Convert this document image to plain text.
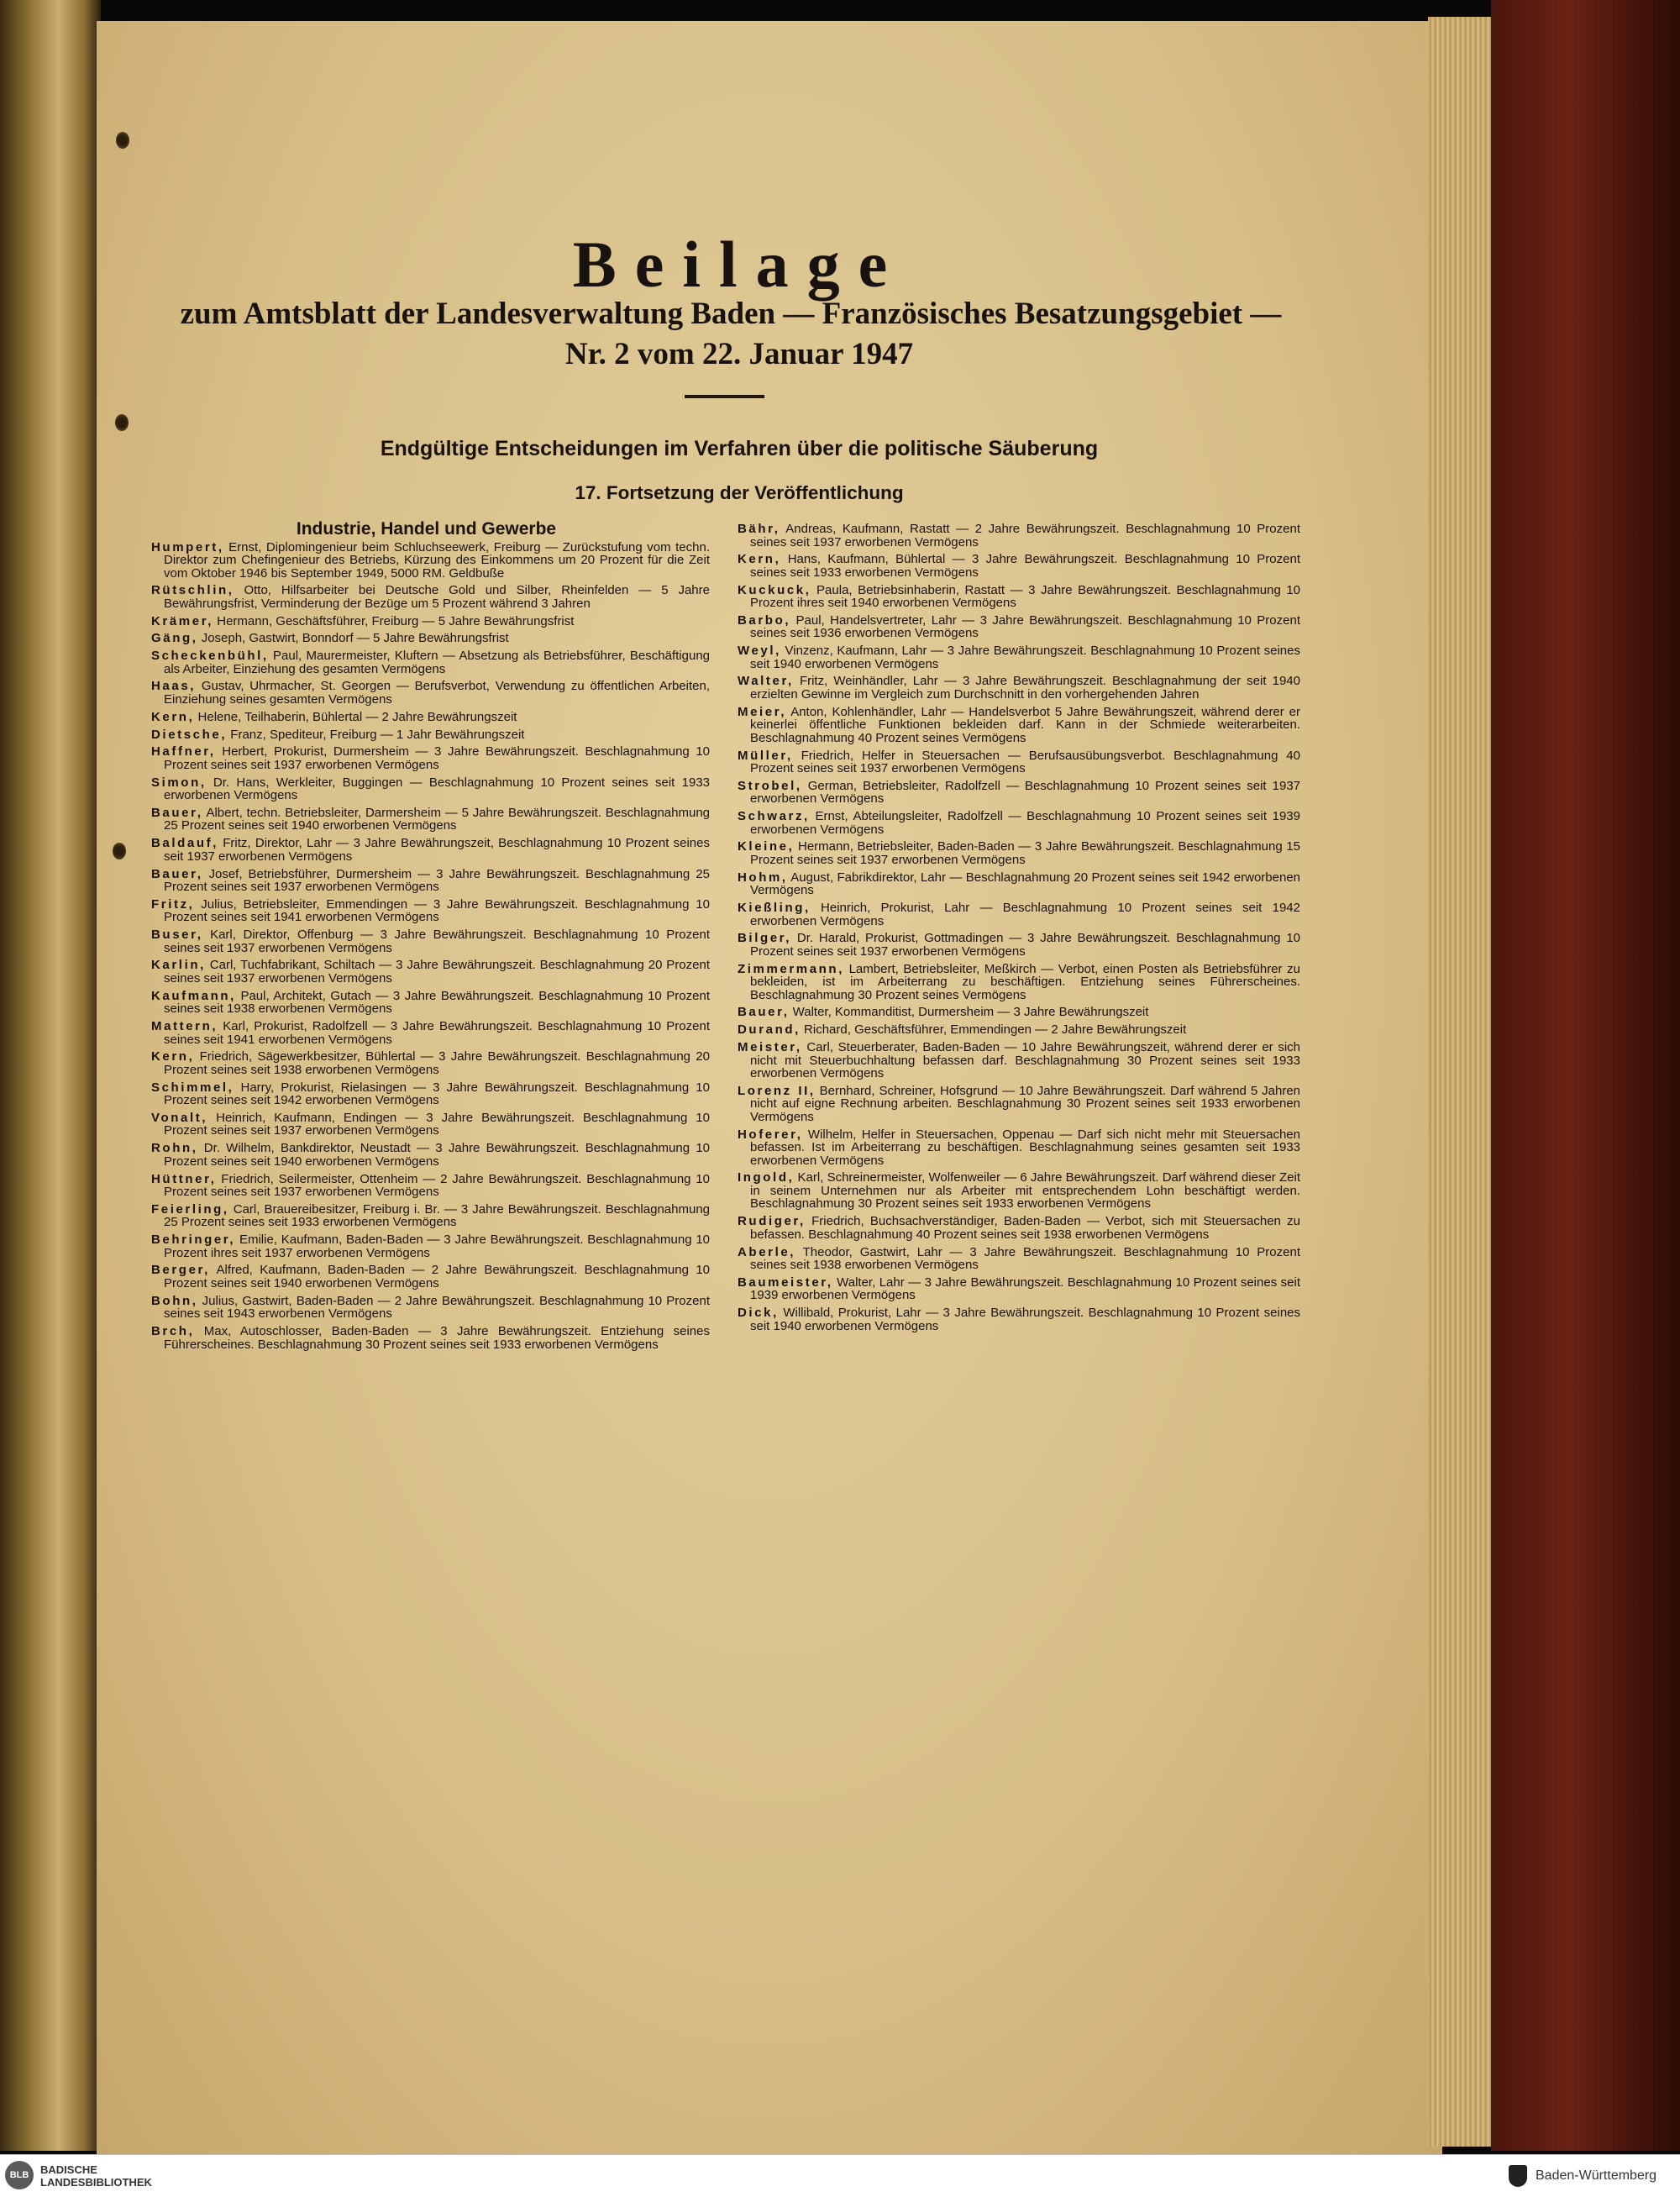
Beilage
zum Amtsblatt der Landesverwaltung Baden — Französisches Besatzungsgebiet —
Nr. 2 vom 22. Januar 1947
Endgültige Entscheidungen im Verfahren über die politische Säuberung
17. Fortsetzung der Veröffentlichung
Industrie, Handel und Gewerbe
Humpert, Ernst, Diplomingenieur beim Schluchseewerk, Freiburg — Zurückstufung vom techn. Direktor zum Chefingenieur des Betriebs, Kürzung des Einkommens um 20 Prozent für die Zeit vom Oktober 1946 bis September 1949, 5000 RM. Geldbuße
Rütschlin, Otto, Hilfsarbeiter bei Deutsche Gold und Silber, Rheinfelden — 5 Jahre Bewährungsfrist, Verminderung der Bezüge um 5 Prozent während 3 Jahren
Krämer, Hermann, Geschäftsführer, Freiburg — 5 Jahre Bewährungsfrist
Gäng, Joseph, Gastwirt, Bonndorf — 5 Jahre Bewährungsfrist
Scheckenbühl, Paul, Maurermeister, Kluftern — Absetzung als Betriebsführer, Beschäftigung als Arbeiter, Einziehung des gesamten Vermögens
Haas, Gustav, Uhrmacher, St. Georgen — Berufsverbot, Verwendung zu öffentlichen Arbeiten, Einziehung seines gesamten Vermögens
Kern, Helene, Teilhaberin, Bühlertal — 2 Jahre Bewährungszeit
Dietsche, Franz, Spediteur, Freiburg — 1 Jahr Bewährungszeit
Haffner, Herbert, Prokurist, Durmersheim — 3 Jahre Bewährungszeit. Beschlagnahmung 10 Prozent seines seit 1937 erworbenen Vermögens
Simon, Dr. Hans, Werkleiter, Buggingen — Beschlagnahmung 10 Prozent seines seit 1933 erworbenen Vermögens
Bauer, Albert, techn. Betriebsleiter, Darmersheim — 5 Jahre Bewährungszeit. Beschlagnahmung 25 Prozent seines seit 1940 erworbenen Vermögens
Baldauf, Fritz, Direktor, Lahr — 3 Jahre Bewährungszeit, Beschlagnahmung 10 Prozent seines seit 1937 erworbenen Vermögens
Bauer, Josef, Betriebsführer, Durmersheim — 3 Jahre Bewährungszeit. Beschlagnahmung 25 Prozent seines seit 1937 erworbenen Vermögens
Fritz, Julius, Betriebsleiter, Emmendingen — 3 Jahre Bewährungszeit. Beschlagnahmung 10 Prozent seines seit 1941 erworbenen Vermögens
Buser, Karl, Direktor, Offenburg — 3 Jahre Bewährungszeit. Beschlagnahmung 10 Prozent seines seit 1937 erworbenen Vermögens
Karlin, Carl, Tuchfabrikant, Schiltach — 3 Jahre Bewährungszeit. Beschlagnahmung 20 Prozent seines seit 1937 erworbenen Vermögens
Kaufmann, Paul, Architekt, Gutach — 3 Jahre Bewährungszeit. Beschlagnahmung 10 Prozent seines seit 1938 erworbenen Vermögens
Mattern, Karl, Prokurist, Radolfzell — 3 Jahre Bewährungszeit. Beschlagnahmung 10 Prozent seines seit 1941 erworbenen Vermögens
Kern, Friedrich, Sägewerkbesitzer, Bühlertal — 3 Jahre Bewährungszeit. Beschlagnahmung 20 Prozent seines seit 1938 erworbenen Vermögens
Schimmel, Harry, Prokurist, Rielasingen — 3 Jahre Bewährungszeit. Beschlagnahmung 10 Prozent seines seit 1942 erworbenen Vermögens
Vonalt, Heinrich, Kaufmann, Endingen — 3 Jahre Bewährungszeit. Beschlagnahmung 10 Prozent seines seit 1937 erworbenen Vermögens
Rohn, Dr. Wilhelm, Bankdirektor, Neustadt — 3 Jahre Bewährungszeit. Beschlagnahmung 10 Prozent seines seit 1940 erworbenen Vermögens
Hüttner, Friedrich, Seilermeister, Ottenheim — 2 Jahre Bewährungszeit. Beschlagnahmung 10 Prozent seines seit 1937 erworbenen Vermögens
Feierling, Carl, Brauereibesitzer, Freiburg i. Br. — 3 Jahre Bewährungszeit. Beschlagnahmung 25 Prozent seines seit 1933 erworbenen Vermögens
Behringer, Emilie, Kaufmann, Baden-Baden — 3 Jahre Bewährungszeit. Beschlagnahmung 10 Prozent ihres seit 1937 erworbenen Vermögens
Berger, Alfred, Kaufmann, Baden-Baden — 2 Jahre Bewährungszeit. Beschlagnahmung 10 Prozent seines seit 1940 erworbenen Vermögens
Bohn, Julius, Gastwirt, Baden-Baden — 2 Jahre Bewährungszeit. Beschlagnahmung 10 Prozent seines seit 1943 erworbenen Vermögens
Brch, Max, Autoschlosser, Baden-Baden — 3 Jahre Bewährungszeit. Entziehung seines Führerscheines. Beschlagnahmung 30 Prozent seines seit 1933 erworbenen Vermögens
Bähr, Andreas, Kaufmann, Rastatt — 2 Jahre Bewährungszeit. Beschlagnahmung 10 Prozent seines seit 1937 erworbenen Vermögens
Kern, Hans, Kaufmann, Bühlertal — 3 Jahre Bewährungszeit. Beschlagnahmung 10 Prozent seines seit 1933 erworbenen Vermögens
Kuckuck, Paula, Betriebsinhaberin, Rastatt — 3 Jahre Bewährungszeit. Beschlagnahmung 10 Prozent ihres seit 1940 erworbenen Vermögens
Barbo, Paul, Handelsvertreter, Lahr — 3 Jahre Bewährungszeit. Beschlagnahmung 10 Prozent seines seit 1936 erworbenen Vermögens
Weyl, Vinzenz, Kaufmann, Lahr — 3 Jahre Bewährungszeit. Beschlagnahmung 10 Prozent seines seit 1940 erworbenen Vermögens
Walter, Fritz, Weinhändler, Lahr — 3 Jahre Bewährungszeit. Beschlagnahmung der seit 1940 erzielten Gewinne im Vergleich zum Durchschnitt in den vorhergehenden Jahren
Meier, Anton, Kohlenhändler, Lahr — Handelsverbot 5 Jahre Bewährungszeit, während derer er keinerlei öffentliche Funktionen bekleiden darf. Kann in der Schmiede weiterarbeiten. Beschlagnahmung 40 Prozent seines Vermögens
Müller, Friedrich, Helfer in Steuersachen — Berufsausübungsverbot. Beschlagnahmung 40 Prozent seines seit 1937 erworbenen Vermögens
Strobel, German, Betriebsleiter, Radolfzell — Beschlagnahmung 10 Prozent seines seit 1937 erworbenen Vermögens
Schwarz, Ernst, Abteilungsleiter, Radolfzell — Beschlagnahmung 10 Prozent seines seit 1939 erworbenen Vermögens
Kleine, Hermann, Betriebsleiter, Baden-Baden — 3 Jahre Bewährungszeit. Beschlagnahmung 15 Prozent seines seit 1937 erworbenen Vermögens
Hohm, August, Fabrikdirektor, Lahr — Beschlagnahmung 20 Prozent seines seit 1942 erworbenen Vermögens
Kießling, Heinrich, Prokurist, Lahr — Beschlagnahmung 10 Prozent seines seit 1942 erworbenen Vermögens
Bilger, Dr. Harald, Prokurist, Gottmadingen — 3 Jahre Bewährungszeit. Beschlagnahmung 10 Prozent seines seit 1937 erworbenen Vermögens
Zimmermann, Lambert, Betriebsleiter, Meßkirch — Verbot, einen Posten als Betriebsführer zu bekleiden, ist im Arbeiterrang zu beschäftigen. Entziehung seines Führerscheines. Beschlagnahmung 30 Prozent seines Vermögens
Bauer, Walter, Kommanditist, Durmersheim — 3 Jahre Bewährungszeit
Durand, Richard, Geschäftsführer, Emmendingen — 2 Jahre Bewährungszeit
Meister, Carl, Steuerberater, Baden-Baden — 10 Jahre Bewährungszeit, während derer er sich nicht mit Steuerbuchhaltung befassen darf. Beschlagnahmung 30 Prozent seines seit 1933 erworbenen Vermögens
Lorenz II, Bernhard, Schreiner, Hofsgrund — 10 Jahre Bewährungszeit. Darf während 5 Jahren nicht auf eigne Rechnung arbeiten. Beschlagnahmung 30 Prozent seines seit 1933 erworbenen Vermögens
Hoferer, Wilhelm, Helfer in Steuersachen, Oppenau — Darf sich nicht mehr mit Steuersachen befassen. Ist im Arbeiterrang zu beschäftigen. Beschlagnahmung seines gesamten seit 1933 erworbenen Vermögens
Ingold, Karl, Schreinermeister, Wolfenweiler — 6 Jahre Bewährungszeit. Darf während dieser Zeit in seinem Unternehmen nur als Arbeiter mit entsprechendem Lohn beschäftigt werden. Beschlagnahmung 30 Prozent seines seit 1933 erworbenen Vermögens
Rudiger, Friedrich, Buchsachverständiger, Baden-Baden — Verbot, sich mit Steuersachen zu befassen. Beschlagnahmung 40 Prozent seines seit 1938 erworbenen Vermögens
Aberle, Theodor, Gastwirt, Lahr — 3 Jahre Bewährungszeit. Beschlagnahmung 10 Prozent seines seit 1938 erworbenen Vermögens
Baumeister, Walter, Lahr — 3 Jahre Bewährungszeit. Beschlagnahmung 10 Prozent seines seit 1939 erworbenen Vermögens
Dick, Willibald, Prokurist, Lahr — 3 Jahre Bewährungszeit. Beschlagnahmung 10 Prozent seines seit 1940 erworbenen Vermögens
BLB	BADISCHE
LANDESBIBLIOTHEK	Baden-Württemberg
